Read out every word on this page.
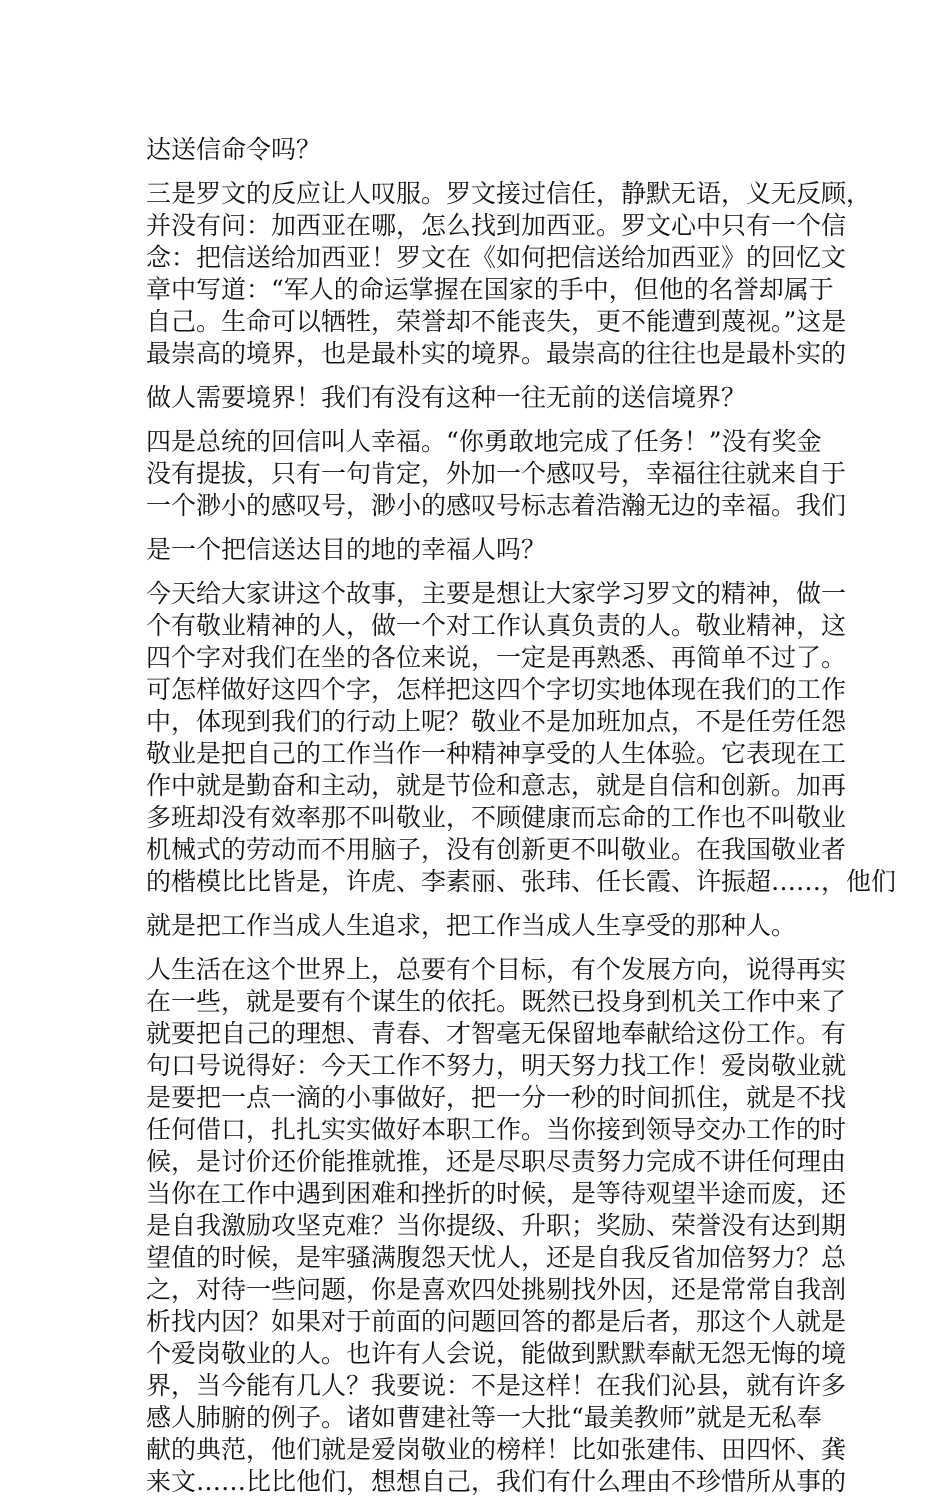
达送信命令吗？
三是罗文的反应让人叹服。罗文接过信任，静默无语，义无反顾，
并没有问：加西亚在哪，怎么找到加西亚。罗文心中只有一个信
念：把信送给加西亚！罗文在《如何把信送给加西亚》的回忆文
章中写道：“军人的命运掌握在国家的手中，但他的名誉却属于
自己。生命可以牺牲，荣誉却不能丧失，更不能遭到蔑视。”这是
最崇高的境界，也是最朴实的境界。最崇高的往往也是最朴实的
做人需要境界！我们有没有这种一往无前的送信境界？
四是总统的回信叫人幸福。“你勇敢地完成了任务！”没有奖金
没有提拔，只有一句肯定，外加一个感叹号，幸福往往就来自于
一个渺小的感叹号，渺小的感叹号标志着浩瀚无边的幸福。我们
是一个把信送达目的地的幸福人吗？
今天给大家讲这个故事，主要是想让大家学习罗文的精神，做一
个有敬业精神的人，做一个对工作认真负责的人。敬业精神，这
四个字对我们在坐的各位来说，一定是再熟悉、再简单不过了。
可怎样做好这四个字，怎样把这四个字切实地体现在我们的工作
中，体现到我们的行动上呢？敬业不是加班加点，不是任劳任怨
敬业是把自己的工作当作一种精神享受的人生体验。它表现在工
作中就是勤奋和主动，就是节俭和意志，就是自信和创新。加再
多班却没有效率那不叫敬业，不顾健康而忘命的工作也不叫敬业
机械式的劳动而不用脑子，没有创新更不叫敬业。在我国敬业者
的楷模比比皆是，许虎、李素丽、张玮、任长霞、许振超……，他们
就是把工作当成人生追求，把工作当成人生享受的那种人。
人生活在这个世界上，总要有个目标，有个发展方向，说得再实
在一些，就是要有个谋生的依托。既然已投身到机关工作中来了
就要把自己的理想、青春、才智毫无保留地奉献给这份工作。有
句口号说得好：今天工作不努力，明天努力找工作！爱岗敬业就
是要把一点一滴的小事做好，把一分一秒的时间抓住，就是不找
任何借口，扎扎实实做好本职工作。当你接到领导交办工作的时
候，是讨价还价能推就推，还是尽职尽责努力完成不讲任何理由
当你在工作中遇到困难和挫折的时候，是等待观望半途而废，还
是自我激励攻坚克难？当你提级、升职；奖励、荣誉没有达到期
望值的时候，是牢骚满腹怨天忧人，还是自我反省加倍努力？总
之，对待一些问题，你是喜欢四处挑剔找外因，还是常常自我剖
析找内因？如果对于前面的问题回答的都是后者，那这个人就是
个爱岗敬业的人。也许有人会说，能做到默默奉献无怨无悔的境
界，当今能有几人？我要说：不是这样！在我们沁县，就有许多
感人肺腑的例子。诸如曹建社等一大批“最美教师”就是无私奉
献的典范，他们就是爱岗敬业的榜样！比如张建伟、田四怀、龚
来文……比比他们，想想自己，我们有什么理由不珍惜所从事的
